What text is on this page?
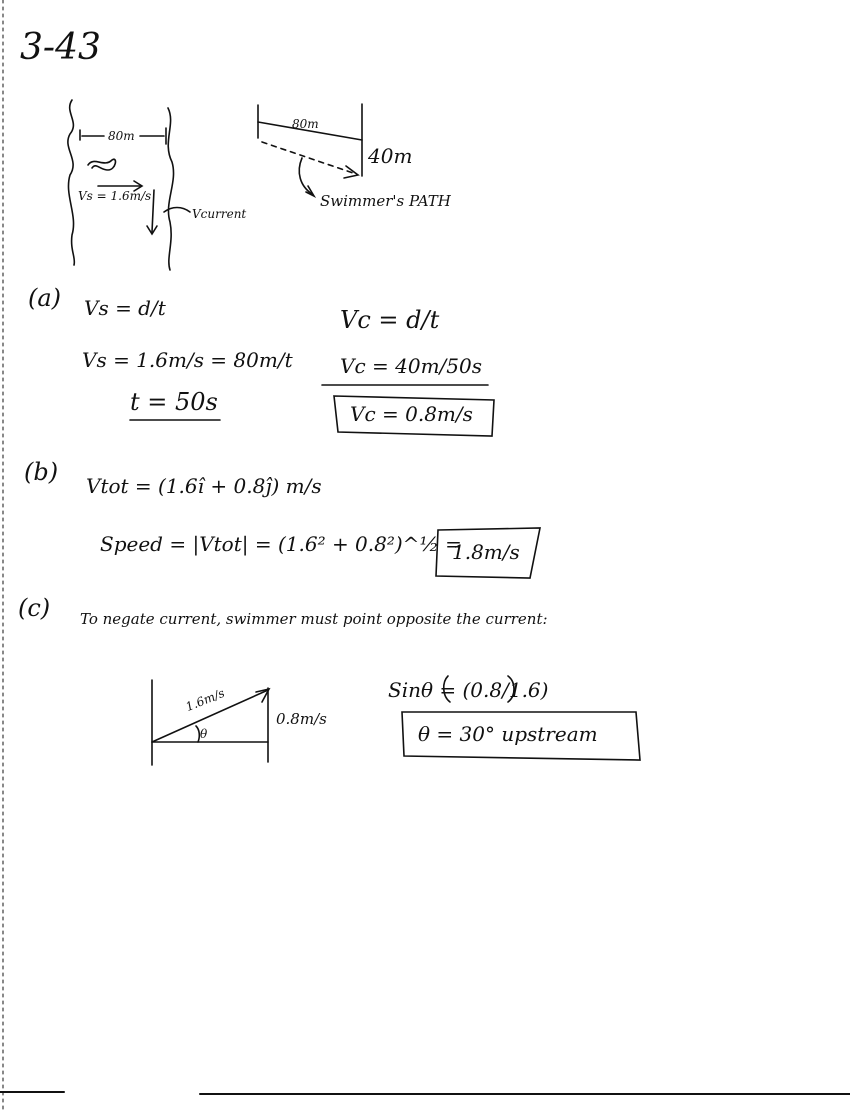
3-43
80m
Vs = 1.6m/s
Vcurrent
80m
40m
Swimmer's PATH
(a) Vs = d/t
Vs = 1.6m/s = 80m/t
t = 50s
Vc = d/t
Vc = 40m/50s
Vc = 0.8m/s
(b) Vtot = (1.6î + 0.8ĵ) m/s
Speed = |Vtot| = (1.6² + 0.8²)^½ =
1.8m/s
(c) To negate current, swimmer must point opposite the current:
1.6m/s
0.8m/s
θ
Sinθ = (0.8/1.6)
θ = 30° upstream
